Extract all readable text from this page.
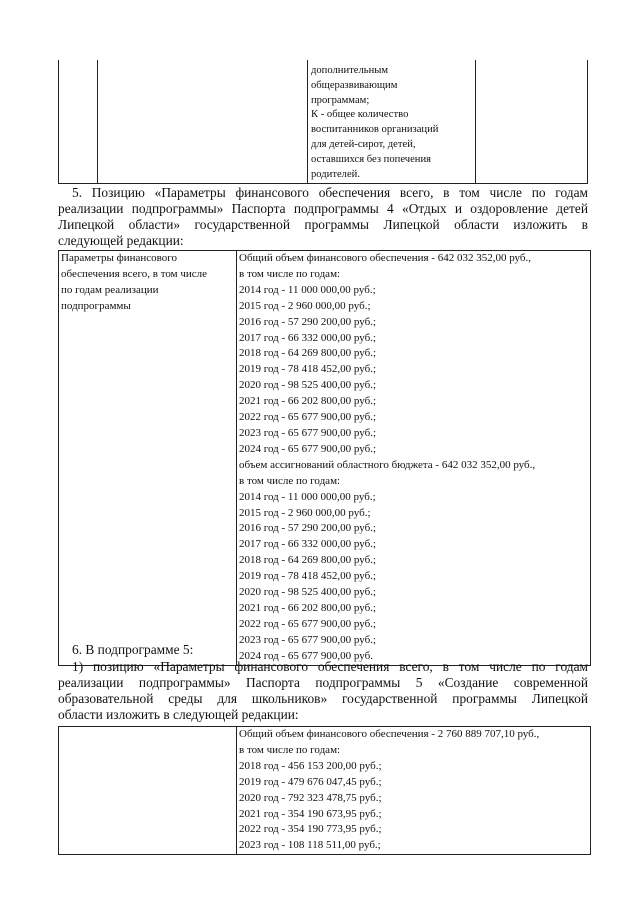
дополнительным
общеразвивающим
программам;
К - общее количество
воспитанников организаций
для детей-сирот, детей,
оставшихся без попечения
родителей.
5. Позицию «Параметры финансового обеспечения всего, в том числе по годам
реализации подпрограммы» Паспорта подпрограммы 4 «Отдых и оздоровление детей
Липецкой области» государственной программы Липецкой области изложить в
следующей редакции:
Параметры финансового
обеспечения всего, в том числе
по годам реализации
подпрограммы

Общий объем финансового обеспечения - 642 032 352,00 руб.,
в том числе по годам:
2014 год - 11 000 000,00 руб.;
2015 год - 2 960 000,00 руб.;
2016 год - 57 290 200,00 руб.;
2017 год - 66 332 000,00 руб.;
2018 год - 64 269 800,00 руб.;
2019 год - 78 418 452,00 руб.;
2020 год - 98 525 400,00 руб.;
2021 год - 66 202 800,00 руб.;
2022 год - 65 677 900,00 руб.;
2023 год - 65 677 900,00 руб.;
2024 год - 65 677 900,00 руб.;
объем ассигнований областного бюджета - 642 032 352,00 руб.,
в том числе по годам:
2014 год - 11 000 000,00 руб.;
2015 год - 2 960 000,00 руб.;
2016 год - 57 290 200,00 руб.;
2017 год - 66 332 000,00 руб.;
2018 год - 64 269 800,00 руб.;
2019 год - 78 418 452,00 руб.;
2020 год - 98 525 400,00 руб.;
2021 год - 66 202 800,00 руб.;
2022 год - 65 677 900,00 руб.;
2023 год - 65 677 900,00 руб.;
2024 год - 65 677 900,00 руб.
6. В подпрограмме 5:
1) позицию «Параметры финансового обеспечения всего, в том числе по годам
реализации подпрограммы» Паспорта подпрограммы 5 «Создание современной
образовательной среды для школьников» государственной программы Липецкой
области изложить в следующей редакции:

Общий объем финансового обеспечения - 2 760 889 707,10 руб.,
в том числе по годам:
2018 год - 456 153 200,00 руб.;
2019 год - 479 676 047,45 руб.;
2020 год - 792 323 478,75 руб.;
2021 год - 354 190 673,95 руб.;
2022 год - 354 190 773,95 руб.;
2023 год - 108 118 511,00 руб.;
